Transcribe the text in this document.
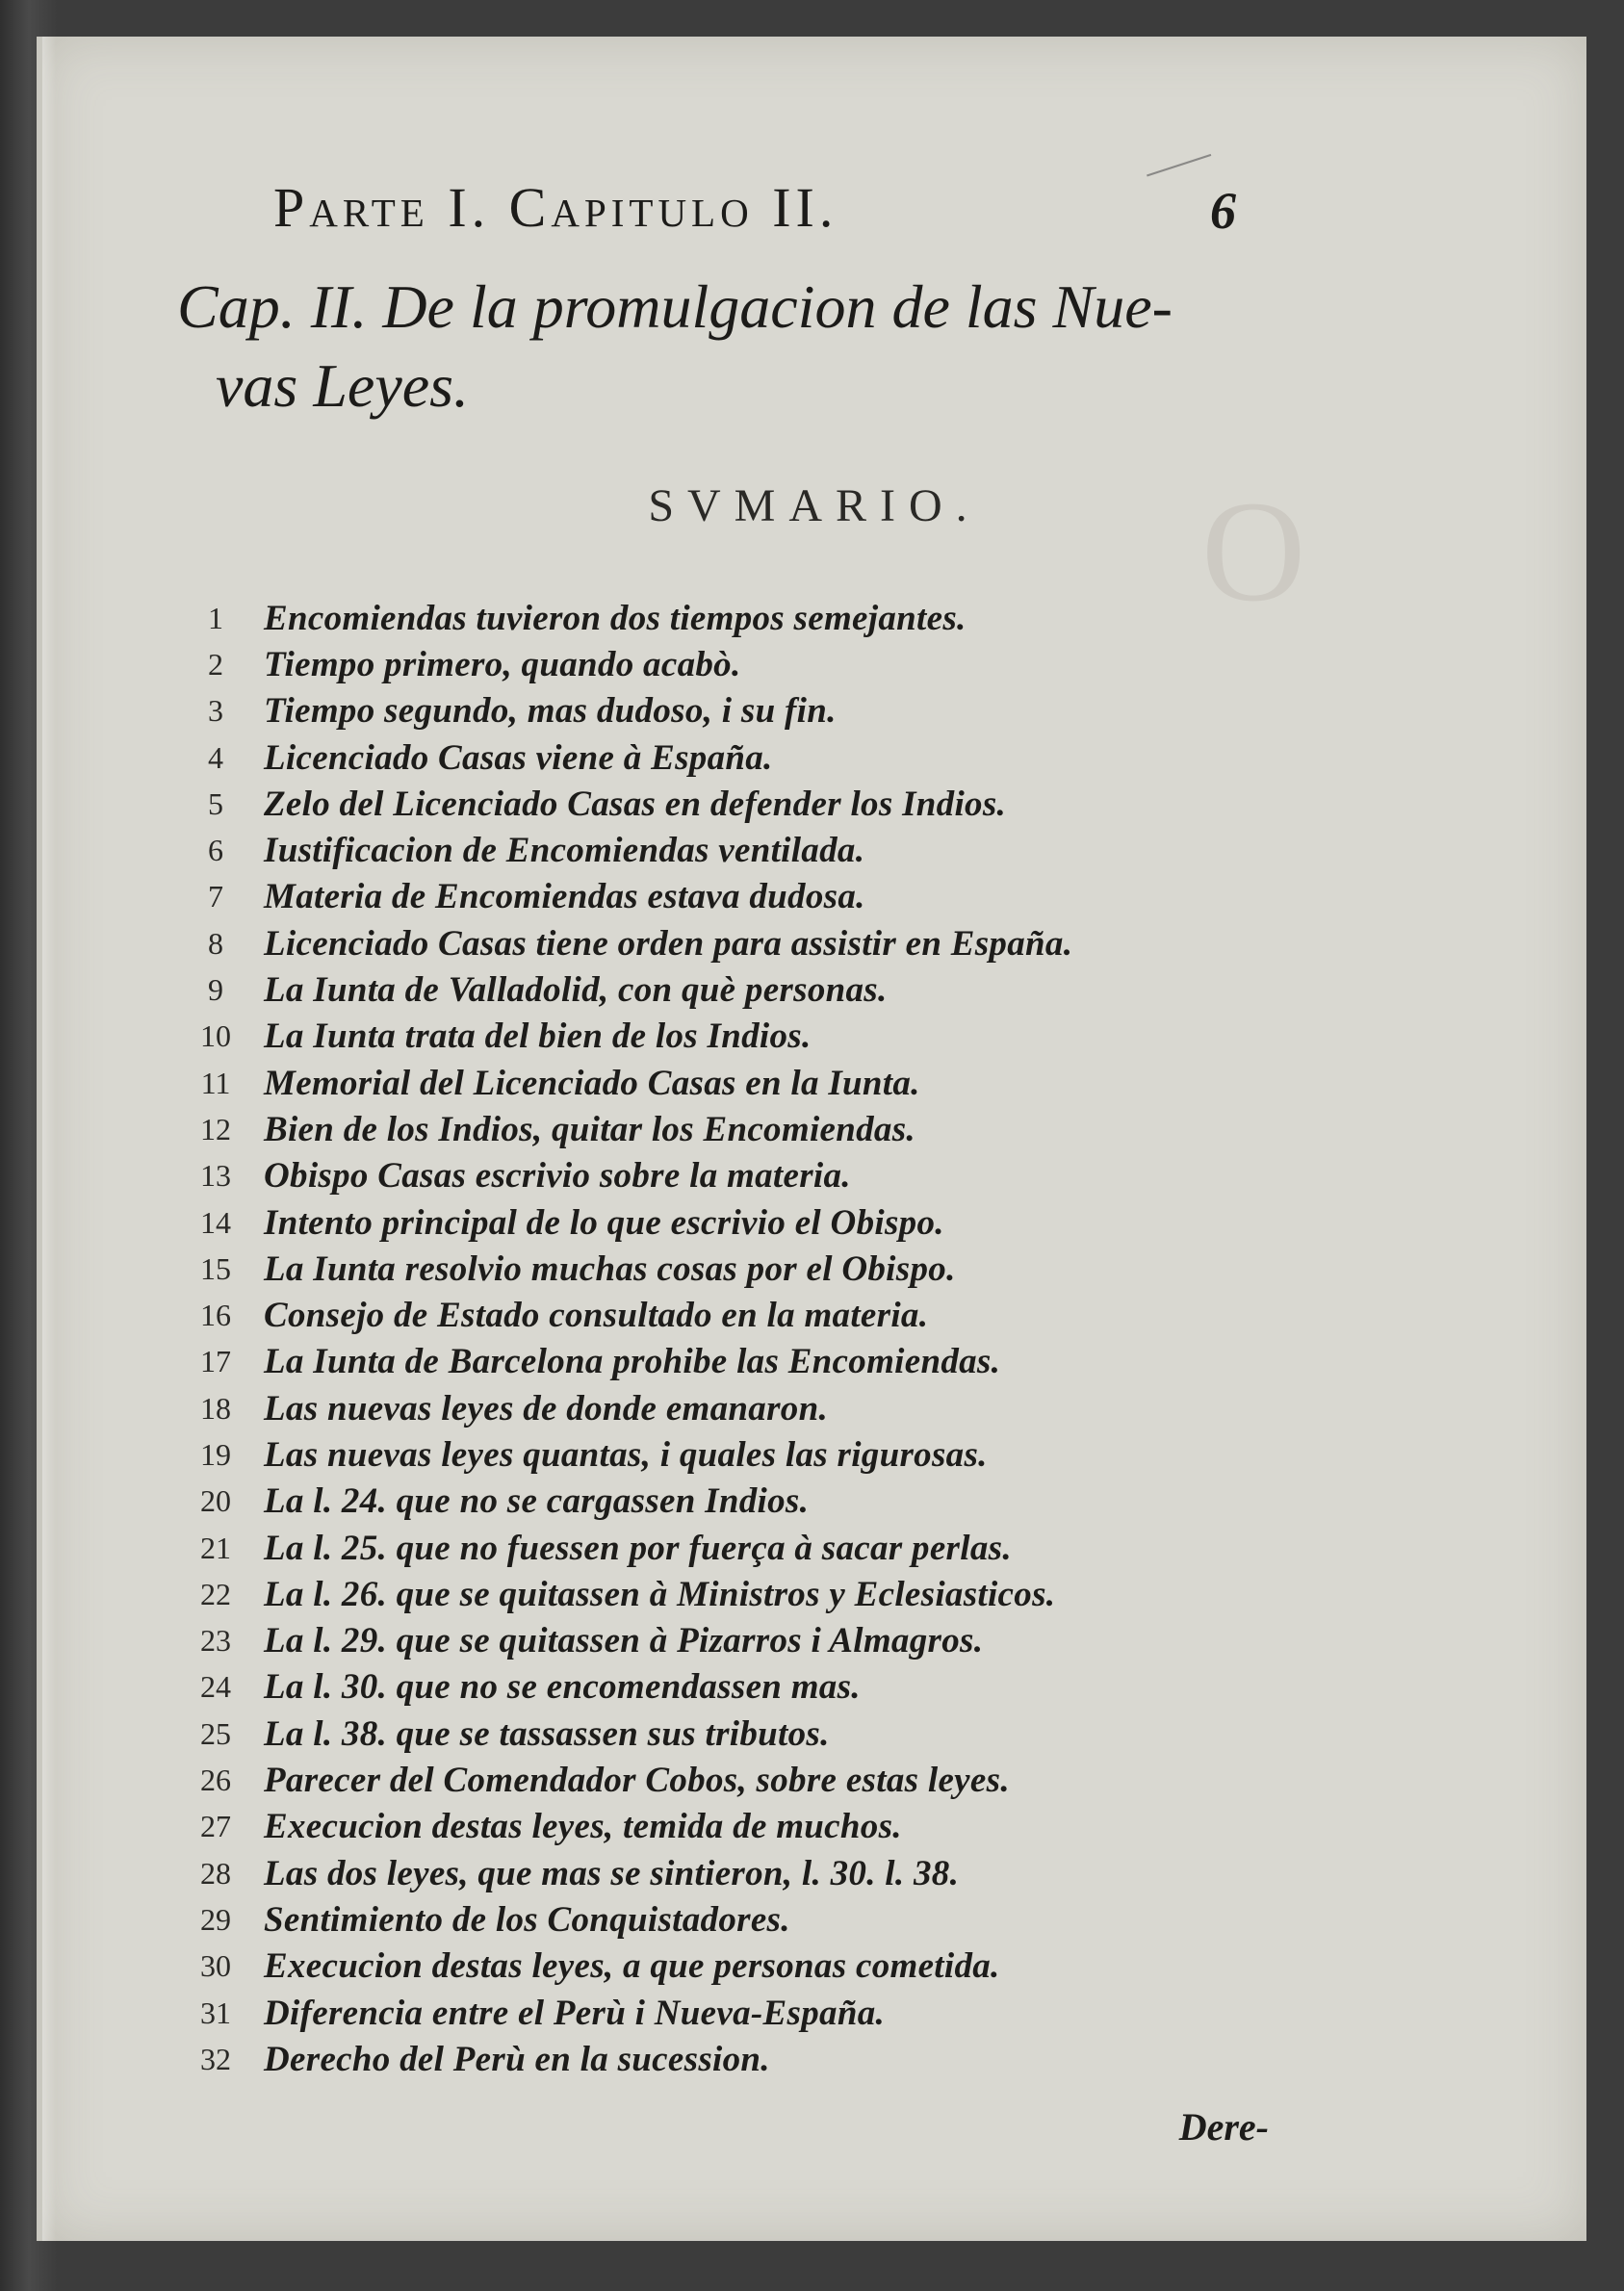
O
Parte I. Capitulo II.	6
Cap. II. De la promulgacion de las Nue-
vas Leyes.
SVMARIO.
1	Encomiendas tuvieron dos tiempos semejantes.
2	Tiempo primero, quando acabò.
3	Tiempo segundo, mas dudoso, i su fin.
4	Licenciado Casas viene à España.
5	Zelo del Licenciado Casas en defender los Indios.
6	Iustificacion de Encomiendas ventilada.
7	Materia de Encomiendas estava dudosa.
8	Licenciado Casas tiene orden para assistir en España.
9	La Iunta de Valladolid, con què personas.
10 La Iunta trata del bien de los Indios.
11 Memorial del Licenciado Casas en la Iunta.
12 Bien de los Indios, quitar los Encomiendas.
13 Obispo Casas escrivio sobre la materia.
14 Intento principal de lo que escrivio el Obispo.
15 La Iunta resolvio muchas cosas por el Obispo.
16 Consejo de Estado consultado en la materia.
17 La Iunta de Barcelona prohibe las Encomiendas.
18 Las nuevas leyes de donde emanaron.
19 Las nuevas leyes quantas, i quales las rigurosas.
20 La l. 24. que no se cargassen Indios.
21 La l. 25. que no fuessen por fuerça à sacar perlas.
22 La l. 26. que se quitassen à Ministros y Eclesiasticos.
23 La l. 29. que se quitassen à Pizarros i Almagros.
24 La l. 30. que no se encomendassen mas.
25 La l. 38. que se tassassen sus tributos.
26 Parecer del Comendador Cobos, sobre estas leyes.
27 Execucion destas leyes, temida de muchos.
28 Las dos leyes, que mas se sintieron, l. 30. l. 38.
29 Sentimiento de los Conquistadores.
30 Execucion destas leyes, a que personas cometida.
31 Diferencia entre el Perù i Nueva-España.
32 Derecho del Perù en la sucession.
Dere-
